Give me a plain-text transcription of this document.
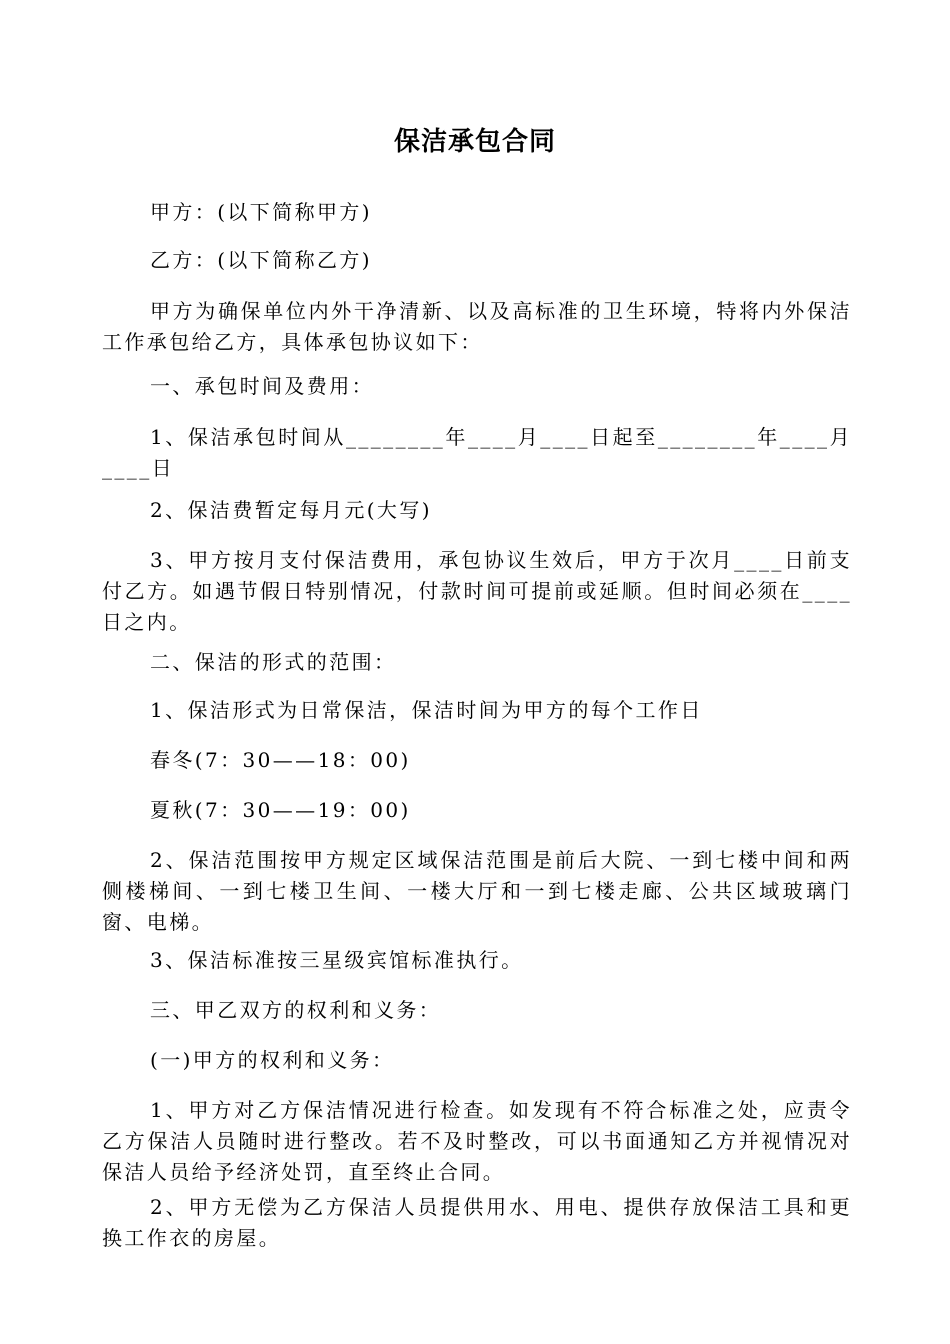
保洁承包合同

甲方：(以下简称甲方)

乙方：(以下简称乙方)

甲方为确保单位内外干净清新、以及高标准的卫生环境，特将内外保洁工作承包给乙方，具体承包协议如下：

一、承包时间及费用：

1、保洁承包时间从________年____月____日起至________年____月____日

2、保洁费暂定每月元(大写)

3、甲方按月支付保洁费用，承包协议生效后，甲方于次月____日前支付乙方。如遇节假日特别情况，付款时间可提前或延顺。但时间必须在____日之内。

二、保洁的形式的范围：

1、保洁形式为日常保洁，保洁时间为甲方的每个工作日

春冬(7：30——18：00)

夏秋(7：30——19：00)

2、保洁范围按甲方规定区域保洁范围是前后大院、一到七楼中间和两侧楼梯间、一到七楼卫生间、一楼大厅和一到七楼走廊、公共区域玻璃门窗、电梯。

3、保洁标准按三星级宾馆标准执行。

三、甲乙双方的权利和义务：

(一)甲方的权利和义务：

1、甲方对乙方保洁情况进行检查。如发现有不符合标准之处，应责令乙方保洁人员随时进行整改。若不及时整改，可以书面通知乙方并视情况对保洁人员给予经济处罚，直至终止合同。

2、甲方无偿为乙方保洁人员提供用水、用电、提供存放保洁工具和更换工作衣的房屋。
